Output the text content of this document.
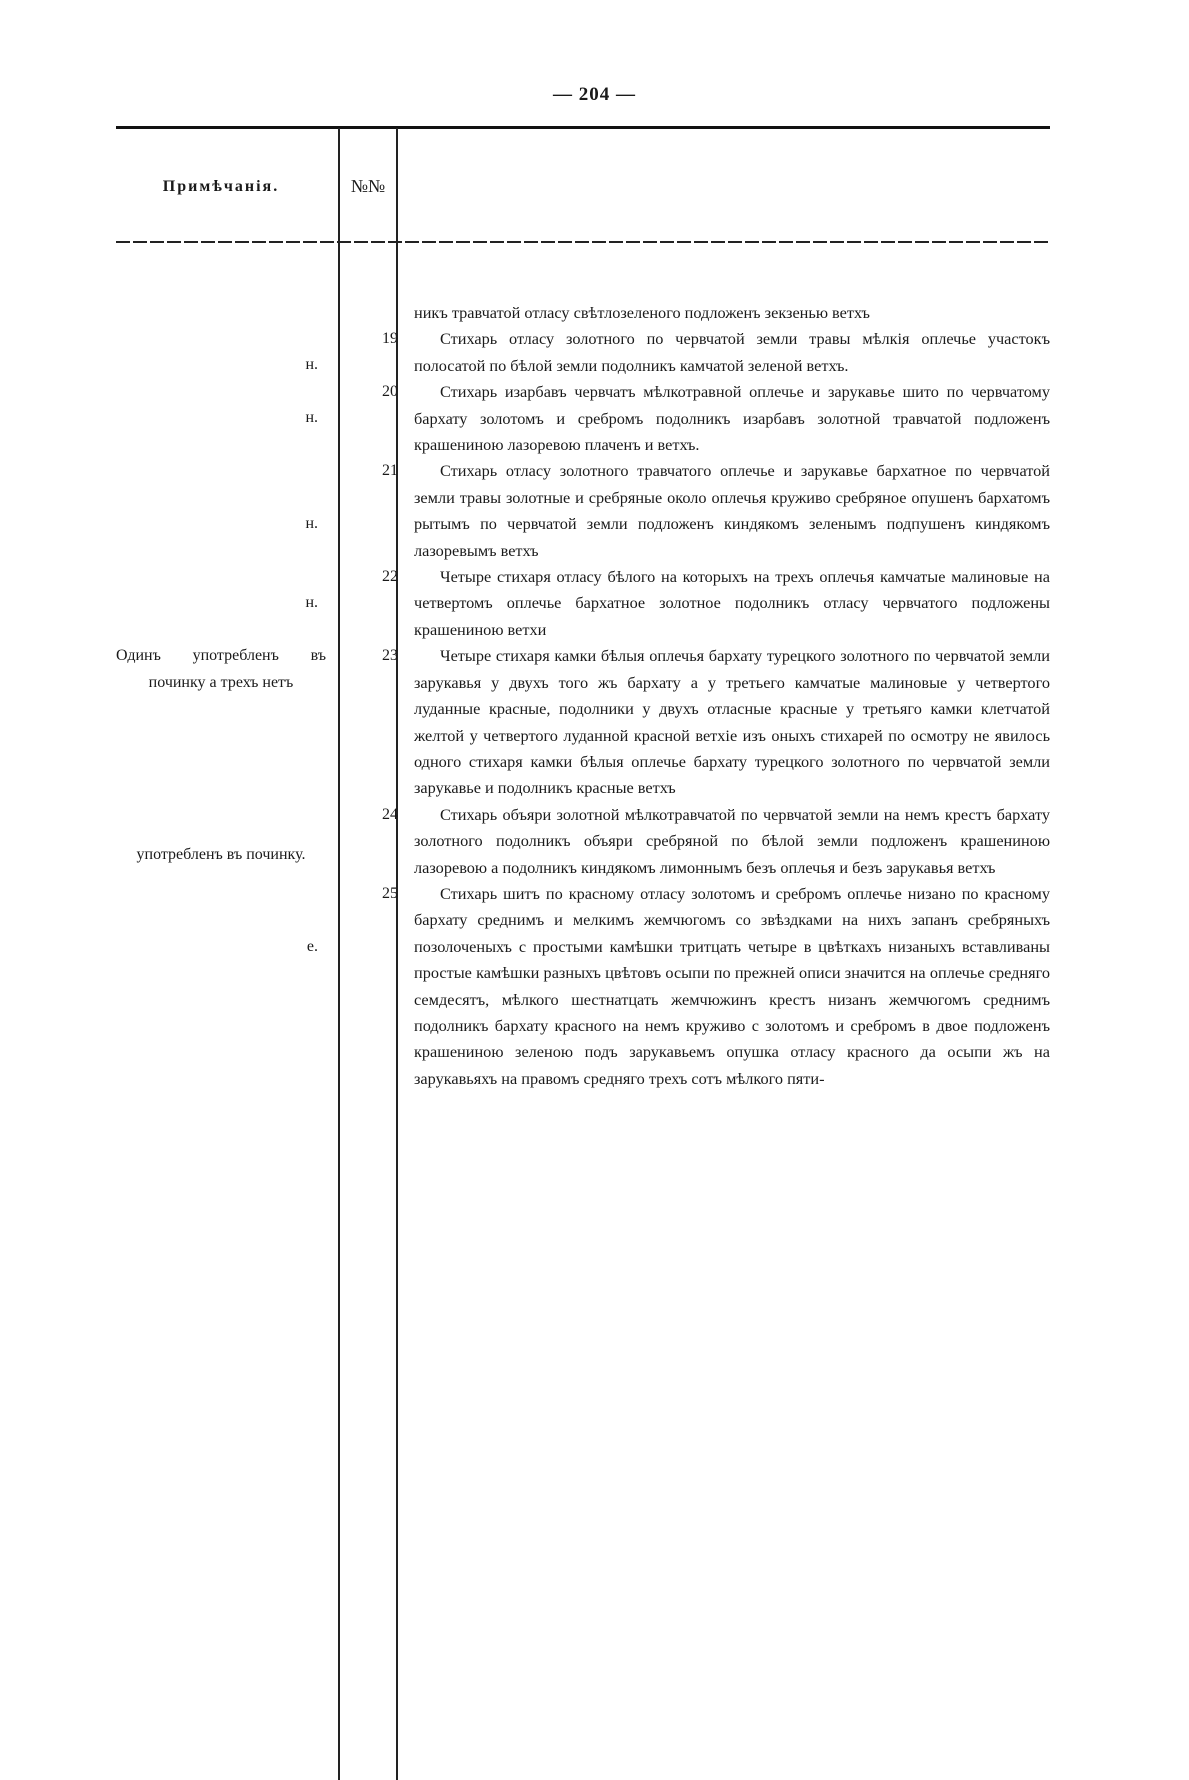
— 204 —
Примѣчанія.	№№
никъ травчатой отласу свѣтлозеленого подложенъ зекзенью ветхъ
19
н.
Стихарь отласу золотного по червчатой земли травы мѣлкія оплечье участокъ полосатой по бѣлой земли подолникъ камчатой зеленой ветхъ.
20
н.
Стихарь изарбавъ червчатъ мѣлкотравной оплечье и зарукавье шито по червчатому бархату золотомъ и сребромъ подолникъ изарбавъ золотной травчатой подложенъ крашениною лазоревою плаченъ и ветхъ.
21
н.
Стихарь отласу золотного травчатого оплечье и зарукавье бархатное по червчатой земли травы золотные и сребряные около оплечья круживо сребряное опушенъ бархатомъ рытымъ по червчатой земли подложенъ киндякомъ зеленымъ подпушенъ киндякомъ лазоревымъ ветхъ
22
н.
Четыре стихаря отласу бѣлого на которыхъ на трехъ оплечья камчатые малиновые на четвертомъ оплечье бархатное золотное подолникъ отласу червчатого подложены крашениною ветхи
23
Одинъ употребленъ въ починку а трехъ нетъ
Четыре стихаря камки бѣлыя оплечья бархату турецкого золотного по червчатой земли зарукавья у двухъ того жъ бархату а у третьего камчатые малиновые у четвертого луданные красные, подолники у двухъ отласные красные у третьяго камки клетчатой желтой у четвертого луданной красной ветхіе изъ оныхъ стихарей по осмотру не явилось одного стихаря камки бѣлыя оплечье бархату турецкого золотного по червчатой земли зарукавье и подолникъ красные ветхъ
24
употребленъ въ починку.
Стихарь объяри золотной мѣлкотравчатой по червчатой земли на немъ крестъ бархату золотного подолникъ объяри сребряной по бѣлой земли подложенъ крашениною лазоревою а подолникъ киндякомъ лимоннымъ безъ оплечья и безъ зарукавья ветхъ
25
е.
Стихарь шитъ по красному отласу золотомъ и сребромъ оплечье низано по красному бархату среднимъ и мелкимъ жемчюгомъ со звѣздками на нихъ запанъ сребряныхъ позолоченыхъ с простыми камѣшки тритцать четыре в цвѣткахъ низаныхъ вставливаны простые камѣшки разныхъ цвѣтовъ осыпи по прежней описи значится на оплечье средняго семдесятъ, мѣлкого шестнатцать жемчюжинъ крестъ низанъ жемчюгомъ среднимъ подолникъ бархату красного на немъ круживо с золотомъ и сребромъ в двое подложенъ крашениною зеленою подъ зарукавьемъ опушка отласу красного да осыпи жъ на зарукавьяхъ на правомъ средняго трехъ сотъ мѣлкого пяти-
